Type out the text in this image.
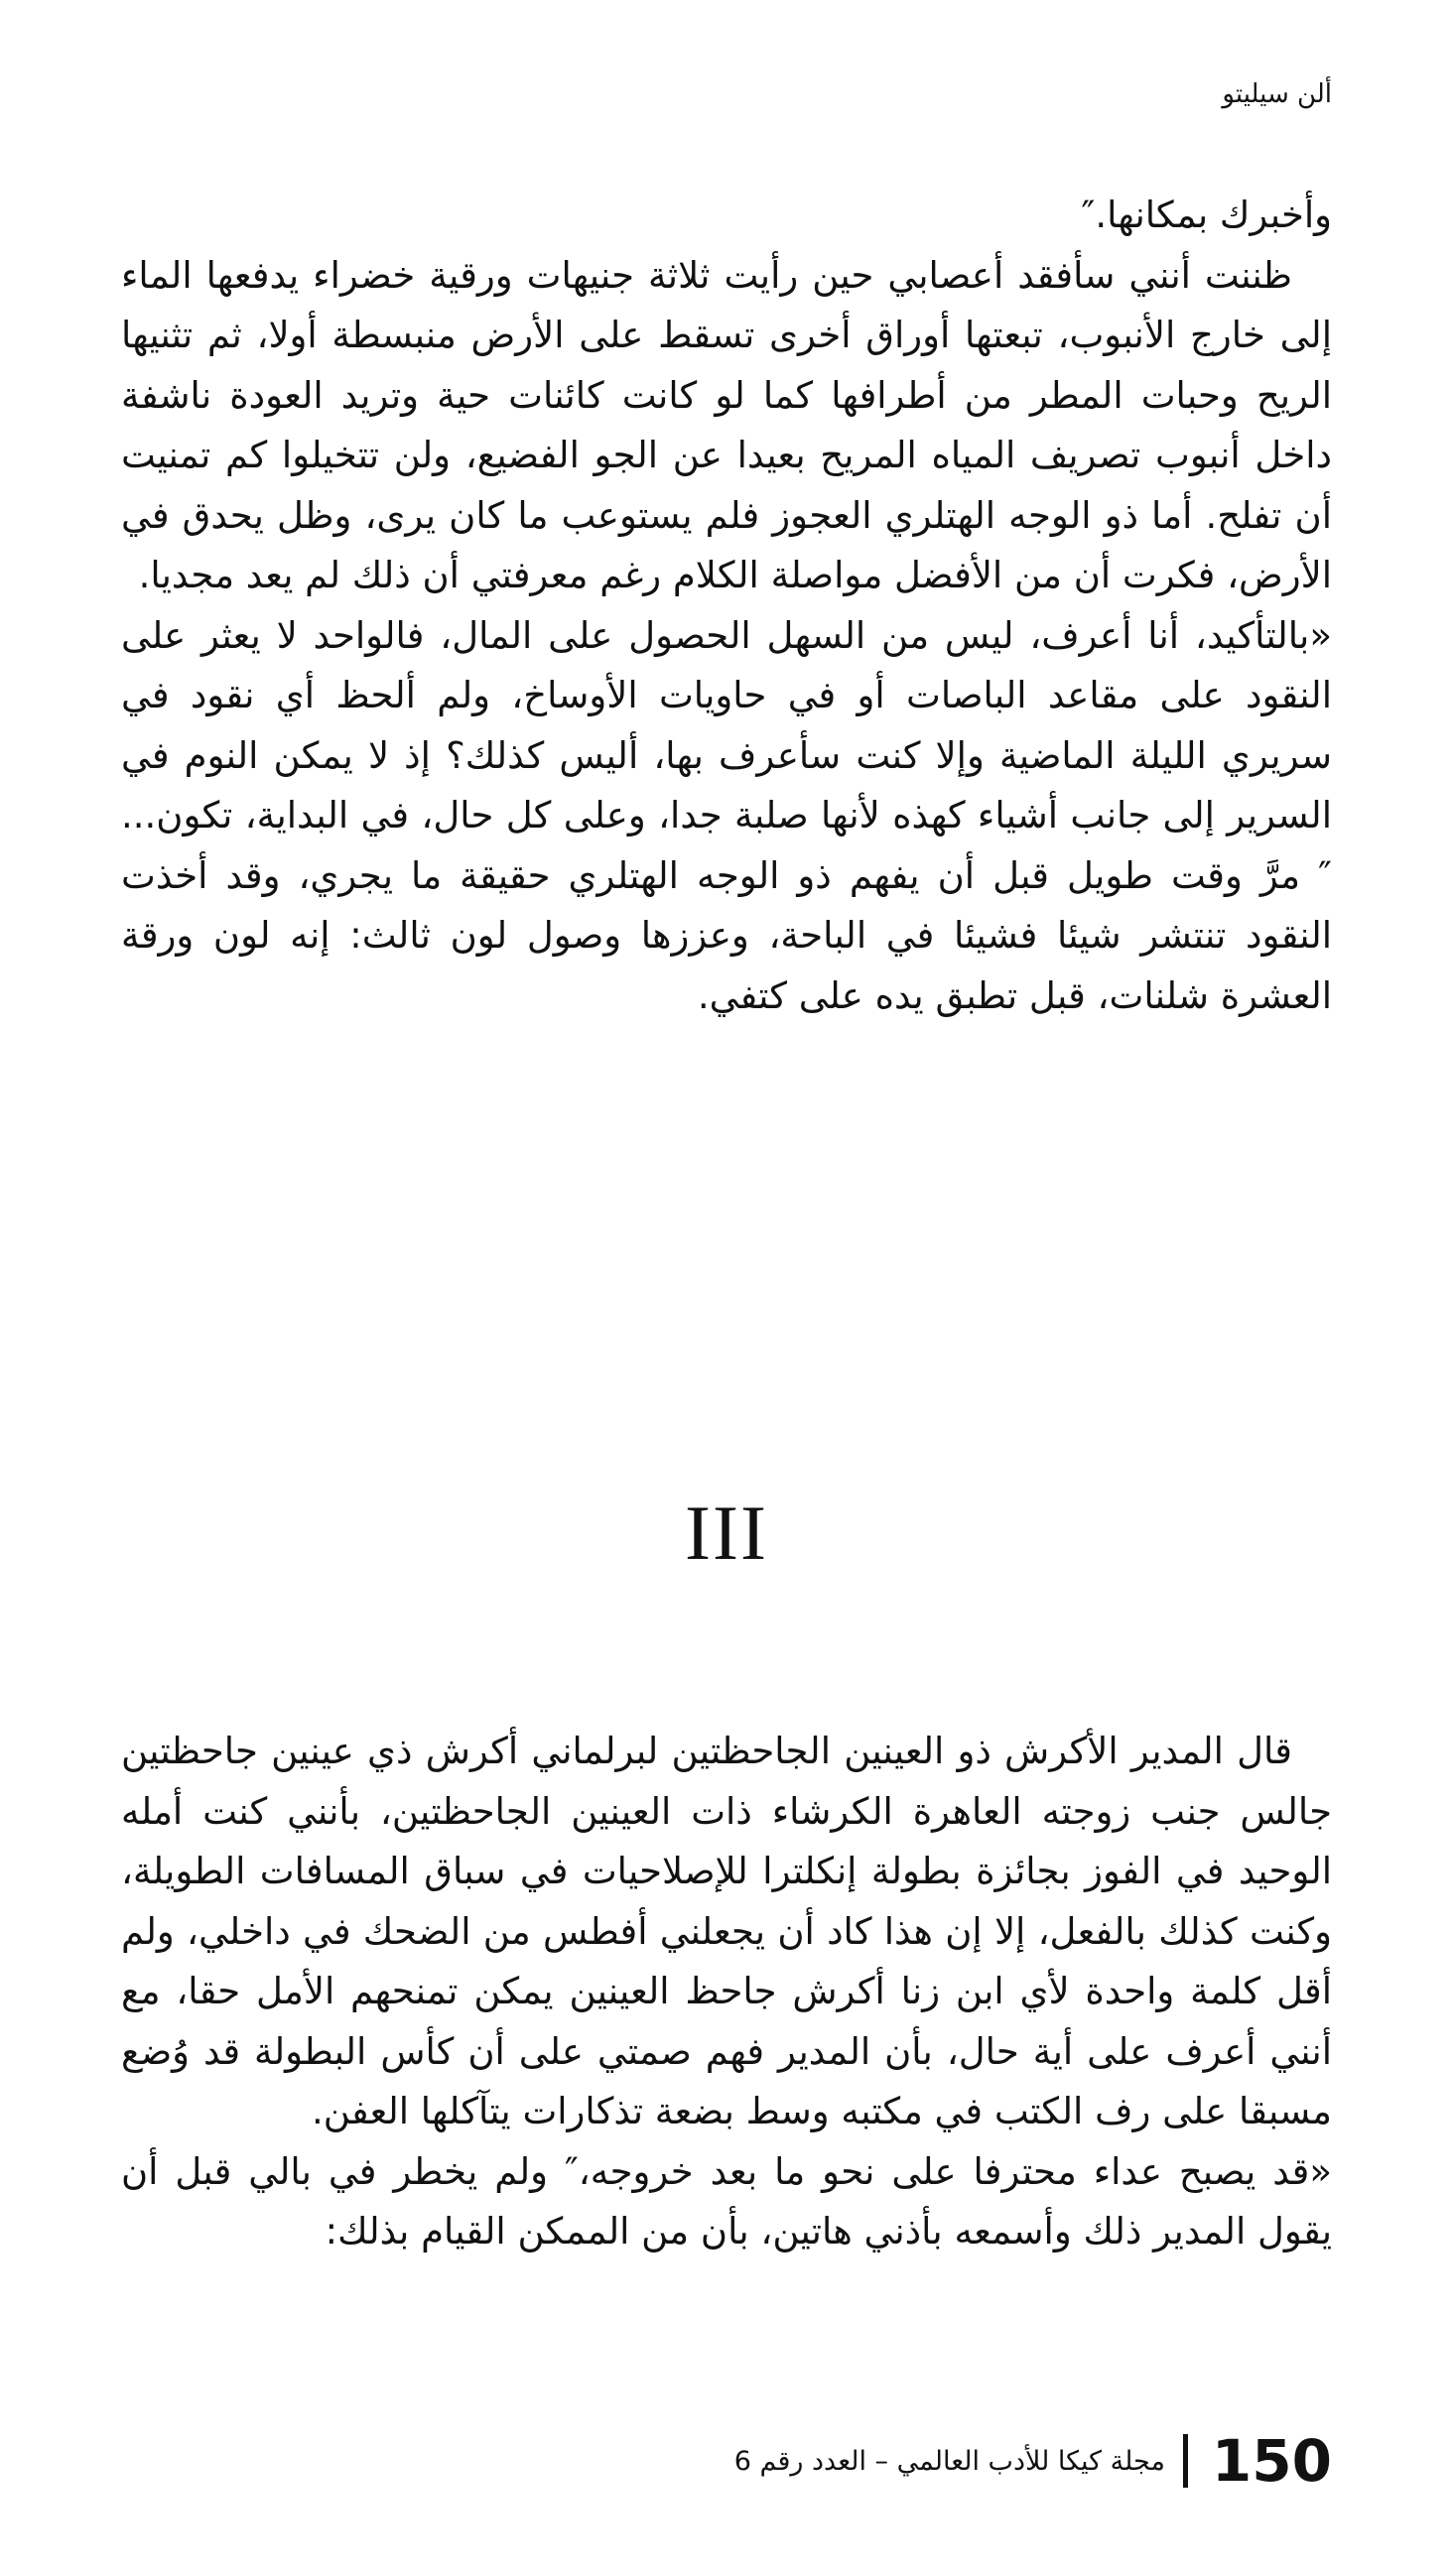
ألن سيليتو

وأخبرك بمكانها.″

ظننت أنني سأفقد أعصابي حين رأيت ثلاثة جنيهات ورقية خضراء يدفعها الماء إلى خارج الأنبوب، تبعتها أوراق أخرى تسقط على الأرض منبسطة أولا، ثم تثنيها الريح وحبات المطر من أطرافها كما لو كانت كائنات حية وتريد العودة ناشفة داخل أنبوب تصريف المياه المريح بعيدا عن الجو الفضيع، ولن تتخيلوا كم تمنيت أن تفلح. أما ذو الوجه الهتلري العجوز فلم يستوعب ما كان يرى، وظل يحدق في الأرض، فكرت أن من الأفضل مواصلة الكلام رغم معرفتي أن ذلك لم يعد مجديا.

«بالتأكيد، أنا أعرف، ليس من السهل الحصول على المال، فالواحد لا يعثر على النقود على مقاعد الباصات أو في حاويات الأوساخ، ولم ألحظ أي نقود في سريري الليلة الماضية وإلا كنت سأعرف بها، أليس كذلك؟ إذ لا يمكن النوم في السرير إلى جانب أشياء كهذه لأنها صلبة جدا، وعلى كل حال، في البداية، تكون...″ مرَّ وقت طويل قبل أن يفهم ذو الوجه الهتلري حقيقة ما يجري، وقد أخذت النقود تنتشر شيئا فشيئا في الباحة، وعززها وصول لون ثالث: إنه لون ورقة العشرة شلنات، قبل تطبق يده على كتفي.

III

قال المدير الأكرش ذو العينين الجاحظتين لبرلماني أكرش ذي عينين جاحظتين جالس جنب زوجته العاهرة الكرشاء ذات العينين الجاحظتين، بأنني كنت أمله الوحيد في الفوز بجائزة بطولة إنكلترا للإصلاحيات في سباق المسافات الطويلة، وكنت كذلك بالفعل، إلا إن هذا كاد أن يجعلني أفطس من الضحك في داخلي، ولم أقل كلمة واحدة لأي ابن زنا أكرش جاحظ العينين يمكن تمنحهم الأمل حقا، مع أنني أعرف على أية حال، بأن المدير فهم صمتي على أن كأس البطولة قد وُضع مسبقا على رف الكتب في مكتبه وسط بضعة تذكارات يتآكلها العفن.

«قد يصبح عداء محترفا على نحو ما بعد خروجه،″ ولم يخطر في بالي قبل أن يقول المدير ذلك وأسمعه بأذني هاتين، بأن من الممكن القيام بذلك:

150
مجلة كيكا للأدب العالمي – العدد رقم 6
